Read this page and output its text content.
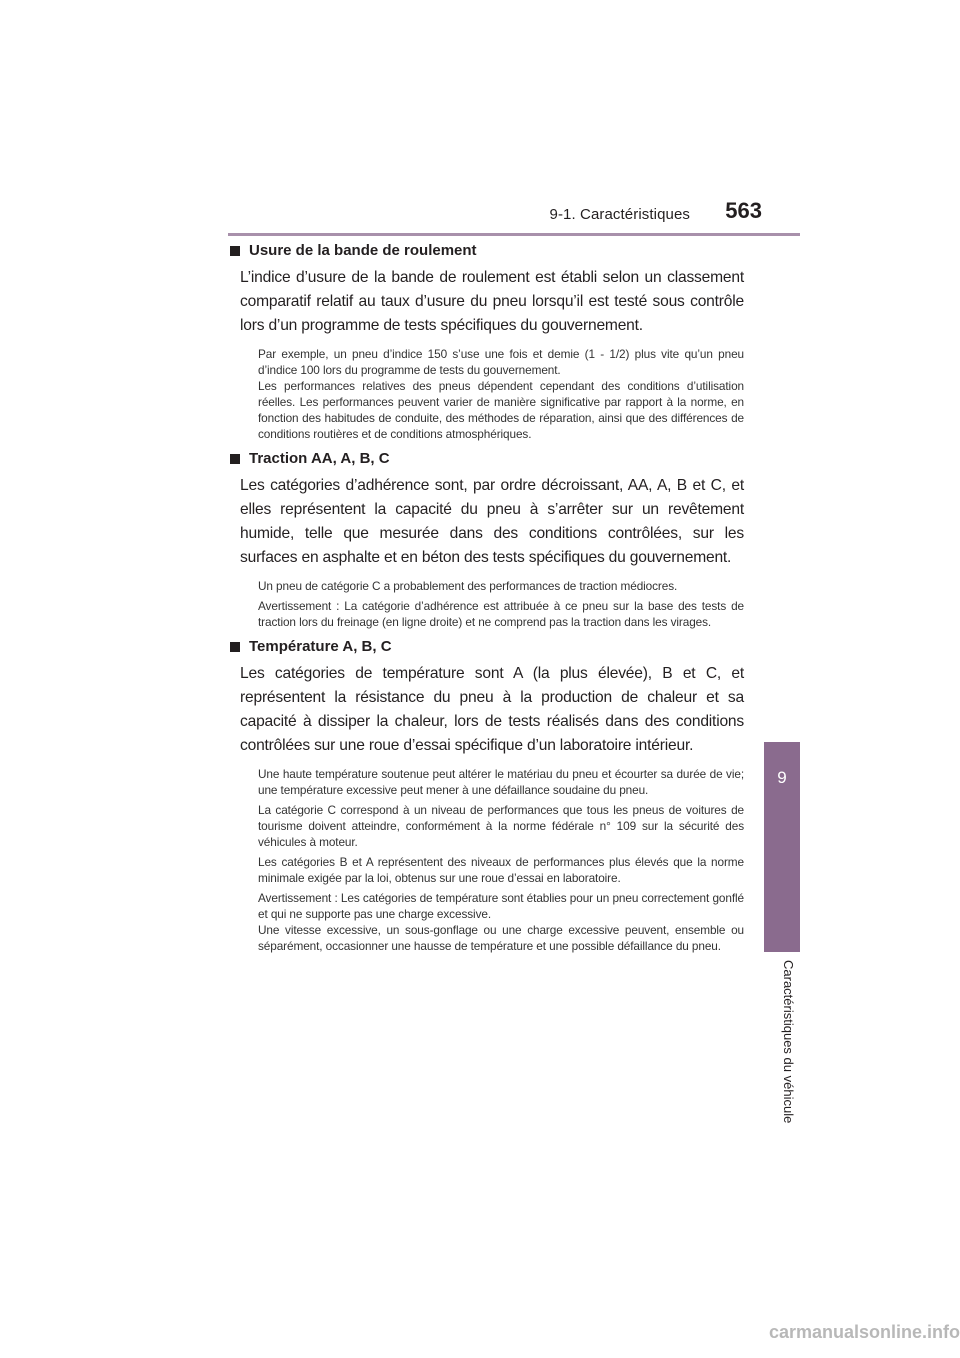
9-1. Caractéristiques	563
9
Caractéristiques du véhicule
Usure de la bande de roulement

L’indice d’usure de la bande de roulement est établi selon un classement comparatif relatif au taux d’usure du pneu lorsqu’il est testé sous contrôle lors d’un programme de tests spécifiques du gouvernement.

Par exemple, un pneu d’indice 150 s’use une fois et demie (1 - 1/2) plus vite qu’un pneu d’indice 100 lors du programme de tests du gouvernement.

Les performances relatives des pneus dépendent cependant des conditions d’utilisation réelles. Les performances peuvent varier de manière significative par rapport à la norme, en fonction des habitudes de conduite, des méthodes de réparation, ainsi que des différences de conditions routières et de conditions atmosphériques.

Traction AA, A, B, C

Les catégories d’adhérence sont, par ordre décroissant, AA, A, B et C, et elles représentent la capacité du pneu à s’arrêter sur un revêtement humide, telle que mesurée dans des conditions contrôlées, sur les surfaces en asphalte et en béton des tests spécifiques du gouvernement.

Un pneu de catégorie C a probablement des performances de traction médiocres.

Avertissement : La catégorie d’adhérence est attribuée à ce pneu sur la base des tests de traction lors du freinage (en ligne droite) et ne comprend pas la traction dans les virages.

Température A, B, C

Les catégories de température sont A (la plus élevée), B et C, et représentent la résistance du pneu à la production de chaleur et sa capacité à dissiper la chaleur, lors de tests réalisés dans des conditions contrôlées sur une roue d’essai spécifique d’un laboratoire intérieur.

Une haute température soutenue peut altérer le matériau du pneu et écourter sa durée de vie; une température excessive peut mener à une défaillance soudaine du pneu.

La catégorie C correspond à un niveau de performances que tous les pneus de voitures de tourisme doivent atteindre, conformément à la norme fédérale n° 109 sur la sécurité des véhicules à moteur.

Les catégories B et A représentent des niveaux de performances plus élevés que la norme minimale exigée par la loi, obtenus sur une roue d’essai en laboratoire.

Avertissement : Les catégories de température sont établies pour un pneu correctement gonflé et qui ne supporte pas une charge excessive.

Une vitesse excessive, un sous-gonflage ou une charge excessive peuvent, ensemble ou séparément, occasionner une hausse de température et une possible défaillance du pneu.

carmanualsonline.info
